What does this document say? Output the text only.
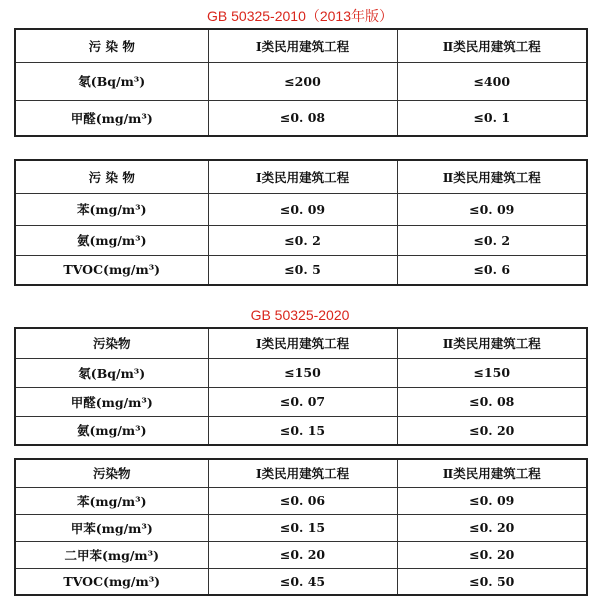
GB 50325-2010（2013年版）
污 染 物	Ⅰ类民用建筑工程	Ⅱ类民用建筑工程
氡(Bq/m³)	≤200	≤400
甲醛(mg/m³)	≤0. 08	≤0. 1
污 染 物	Ⅰ类民用建筑工程	Ⅱ类民用建筑工程
苯(mg/m³)	≤0. 09	≤0. 09
氨(mg/m³)	≤0. 2	≤0. 2
TVOC(mg/m³)	≤0. 5	≤0. 6
GB 50325-2020
污染物	Ⅰ类民用建筑工程	Ⅱ类民用建筑工程
氡(Bq/m³)	≤150	≤150
甲醛(mg/m³)	≤0. 07	≤0. 08
氨(mg/m³)	≤0. 15	≤0. 20
污染物	Ⅰ类民用建筑工程	Ⅱ类民用建筑工程
苯(mg/m³)	≤0. 06	≤0. 09
甲苯(mg/m³)	≤0. 15	≤0. 20
二甲苯(mg/m³)	≤0. 20	≤0. 20
TVOC(mg/m³)	≤0. 45	≤0. 50
